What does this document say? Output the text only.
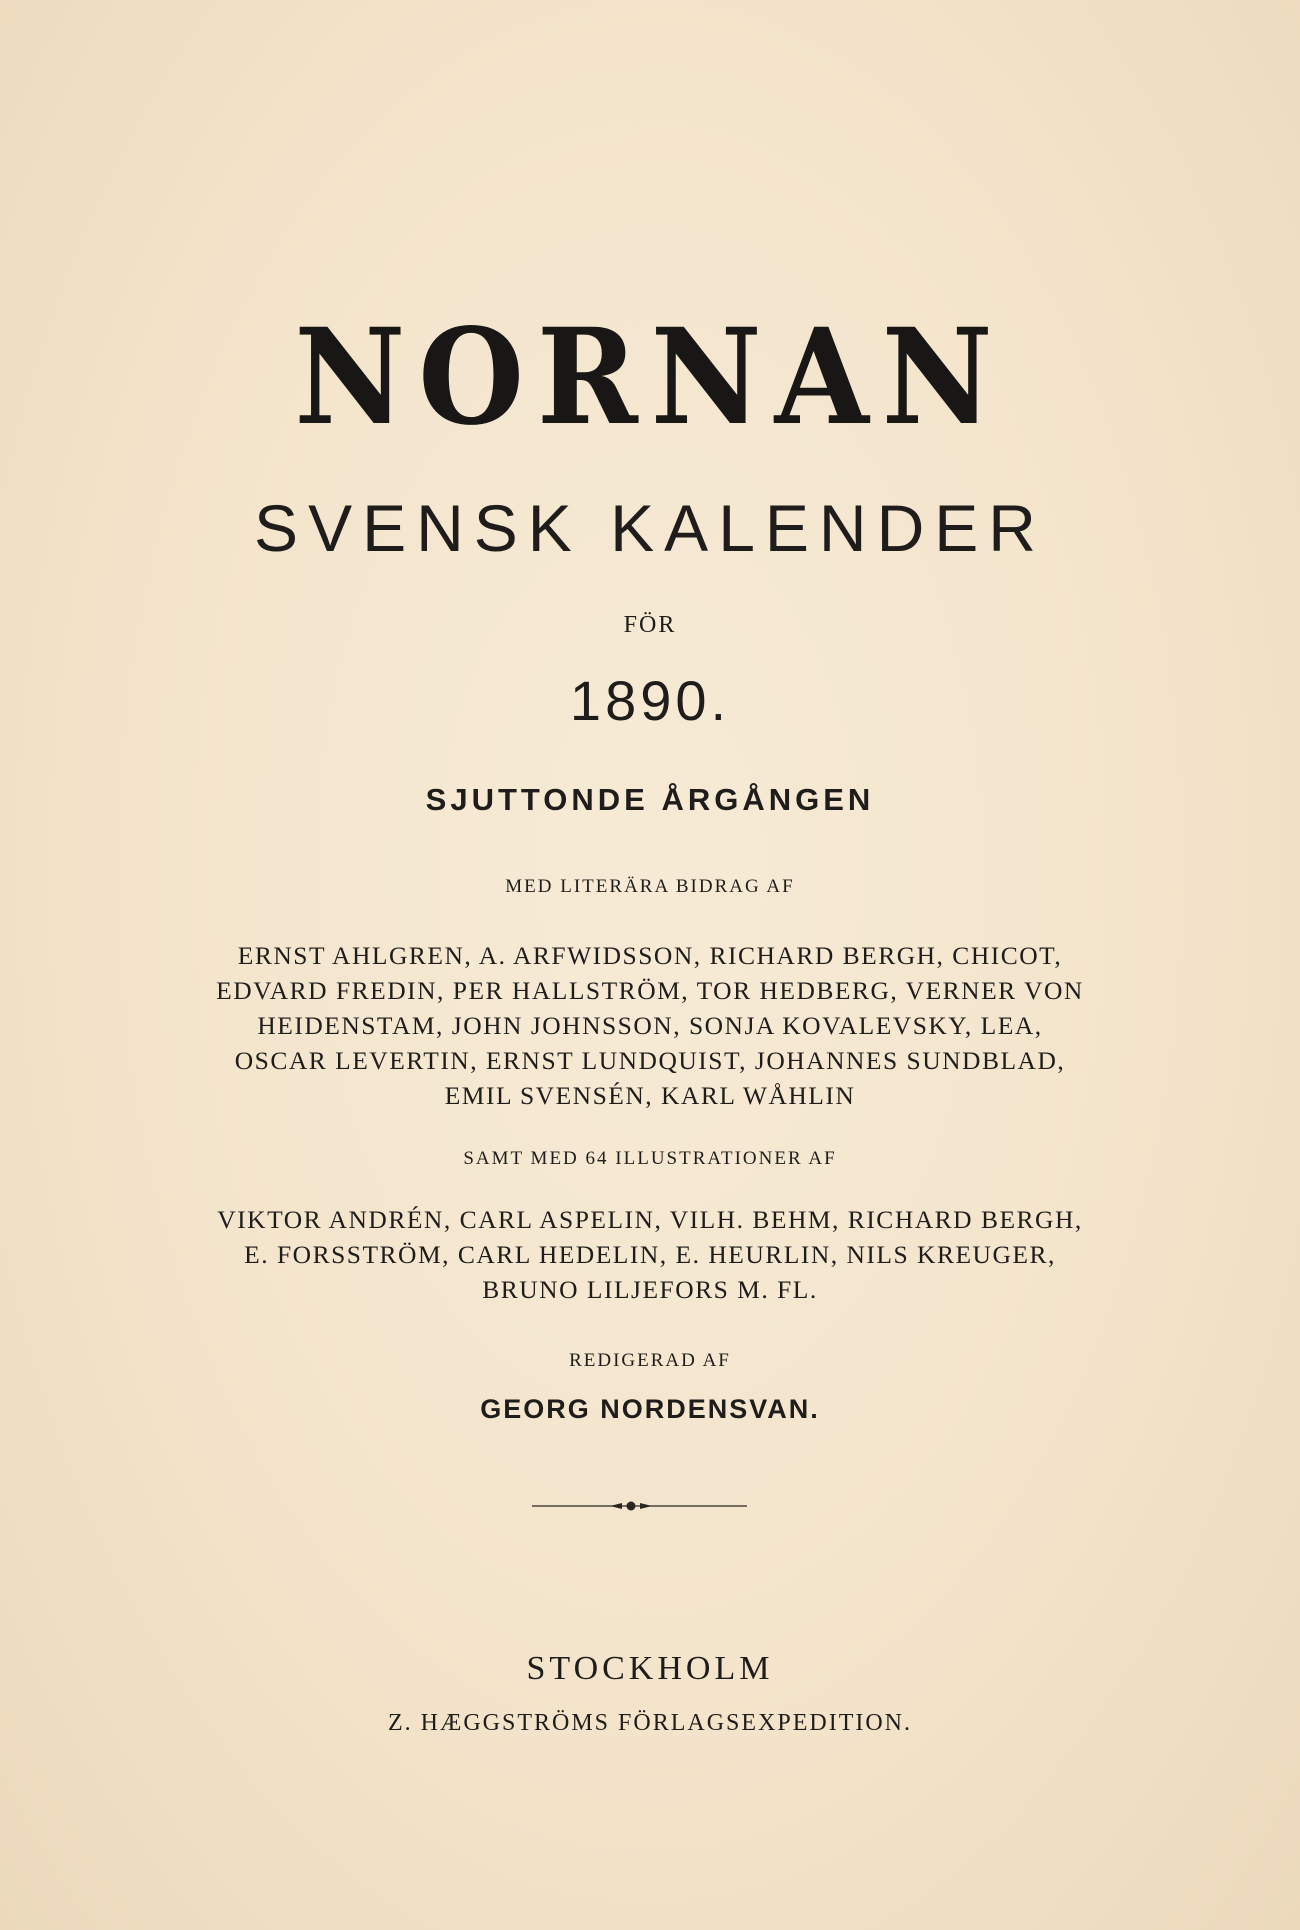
NORNAN
SVENSK KALENDER
FÖR
1890.
SJUTTONDE ÅRGÅNGEN
MED LITERÄRA BIDRAG AF
ERNST AHLGREN, A. ARFWIDSSON, RICHARD BERGH, CHICOT,
EDVARD FREDIN, PER HALLSTRÖM, TOR HEDBERG, VERNER VON
HEIDENSTAM, JOHN JOHNSSON, SONJA KOVALEVSKY, LEA,
OSCAR LEVERTIN, ERNST LUNDQUIST, JOHANNES SUNDBLAD,
EMIL SVENSÉN, KARL WÅHLIN
SAMT MED 64 ILLUSTRATIONER AF
VIKTOR ANDRÉN, CARL ASPELIN, VILH. BEHM, RICHARD BERGH,
E. FORSSTRÖM, CARL HEDELIN, E. HEURLIN, NILS KREUGER,
BRUNO LILJEFORS M. FL.
REDIGERAD AF
GEORG NORDENSVAN.
STOCKHOLM
Z. HÆGGSTRÖMS FÖRLAGSEXPEDITION.
